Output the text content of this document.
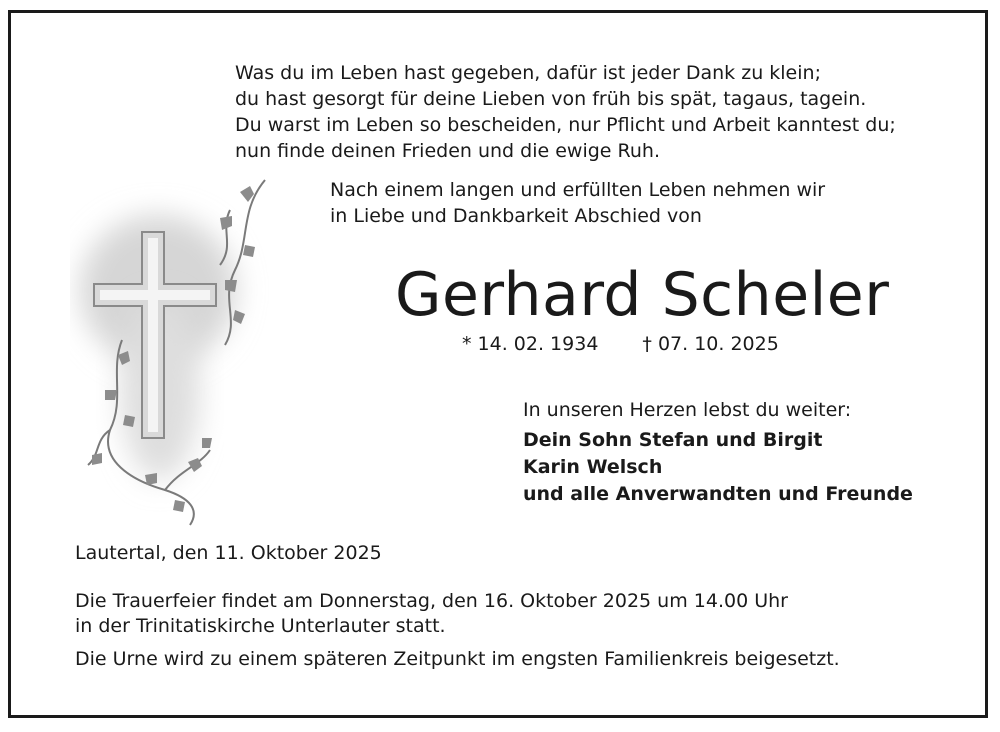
Was du im Leben hast gegeben, dafür ist jeder Dank zu klein;
du hast gesorgt für deine Lieben von früh bis spät, tagaus, tagein.
Du warst im Leben so bescheiden, nur Pflicht und Arbeit kanntest du;
nun finde deinen Frieden und die ewige Ruh.
Nach einem langen und erfüllten Leben nehmen wir
in Liebe und Dankbarkeit Abschied von
Gerhard Scheler
* 14. 02. 1934 † 07. 10. 2025
In unseren Herzen lebst du weiter:
Dein Sohn Stefan und Birgit
Karin Welsch
und alle Anverwandten und Freunde
Lautertal, den 11. Oktober 2025
Die Trauerfeier findet am Donnerstag, den 16. Oktober 2025 um 14.00 Uhr
in der Trinitatiskirche Unterlauter statt.
Die Urne wird zu einem späteren Zeitpunkt im engsten Familienkreis beigesetzt.
